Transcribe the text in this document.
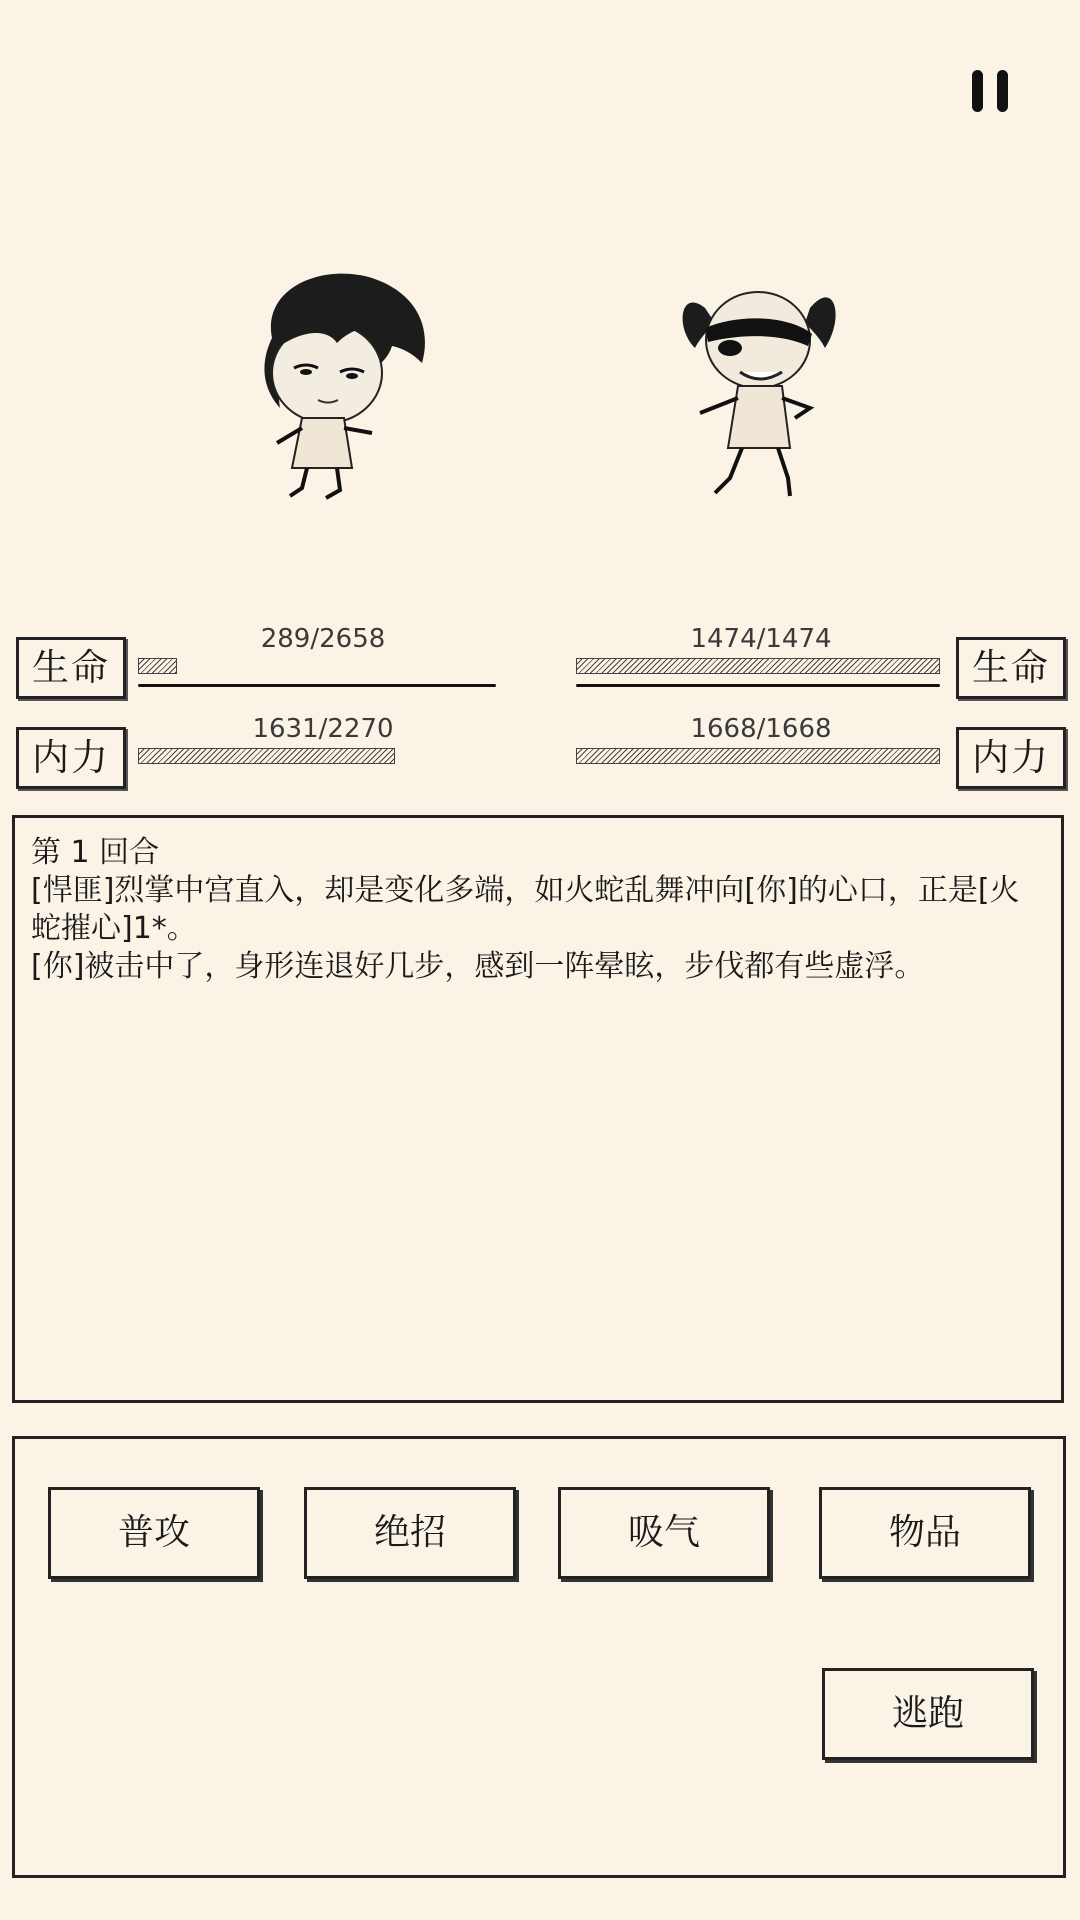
生命
289/2658
内力
1631/2270
生命
1474/1474
内力
1668/1668

第 1 回合

[悍匪]烈掌中宫直入，却是变化多端，如火蛇乱舞冲向[你]的心口，正是[火蛇摧心]1*。

[你]被击中了，身形连退好几步，感到一阵晕眩，步伐都有些虚浮。

普攻	绝招	吸气	物品
逃跑
